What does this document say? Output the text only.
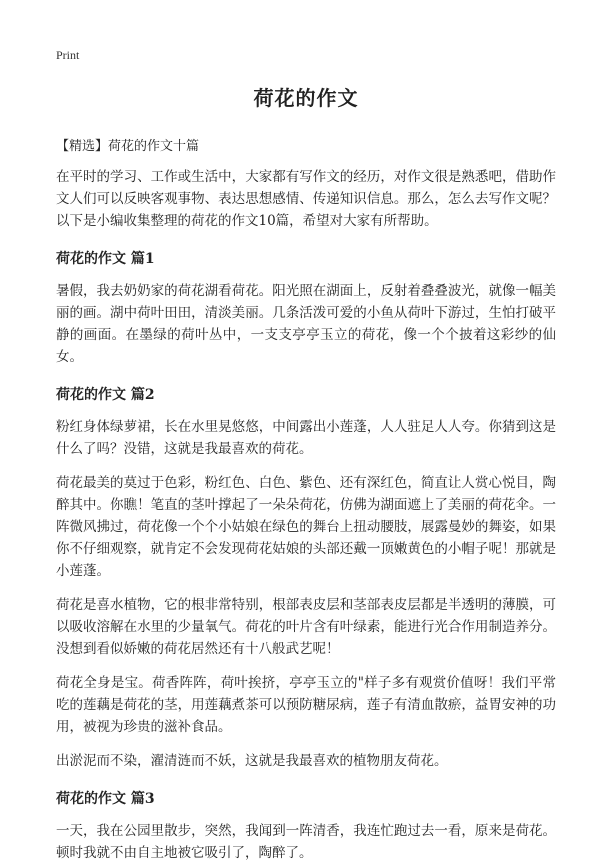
Print
荷花的作文
【精选】荷花的作文十篇

在平时的学习、工作或生活中，大家都有写作文的经历，对作文很是熟悉吧，借助作文人们可以反映客观事物、表达思想感情、传递知识信息。那么，怎么去写作文呢？以下是小编收集整理的荷花的作文10篇，希望对大家有所帮助。

荷花的作文 篇1

暑假，我去奶奶家的荷花湖看荷花。阳光照在湖面上，反射着叠叠波光，就像一幅美丽的画。湖中荷叶田田，清淡美丽。几条活泼可爱的小鱼从荷叶下游过，生怕打破平静的画面。在墨绿的荷叶丛中，一支支亭亭玉立的荷花，像一个个披着这彩纱的仙女。

荷花的作文 篇2

粉红身体绿萝裙，长在水里晃悠悠，中间露出小莲蓬，人人驻足人人夸。你猜到这是什么了吗？没错，这就是我最喜欢的荷花。

荷花最美的莫过于色彩，粉红色、白色、紫色、还有深红色，简直让人赏心悦目，陶醉其中。你瞧！笔直的茎叶撑起了一朵朵荷花，仿佛为湖面遮上了美丽的荷花伞。一阵微风拂过，荷花像一个个小姑娘在绿色的舞台上扭动腰肢，展露曼妙的舞姿，如果你不仔细观察，就肯定不会发现荷花姑娘的头部还戴一顶嫩黄色的小帽子呢！那就是小莲蓬。

荷花是喜水植物，它的根非常特别，根部表皮层和茎部表皮层都是半透明的薄膜，可以吸收溶解在水里的少量氧气。荷花的叶片含有叶绿素，能进行光合作用制造养分。没想到看似娇嫩的荷花居然还有十八般武艺呢！

荷花全身是宝。荷香阵阵，荷叶挨挤，亭亭玉立的"样子多有观赏价值呀！我们平常吃的莲藕是荷花的茎，用莲藕煮茶可以预防糖尿病，莲子有清血散瘀，益胃安神的功用，被视为珍贵的滋补食品。

出淤泥而不染，濯清涟而不妖，这就是我最喜欢的植物朋友荷花。

荷花的作文 篇3

一天，我在公园里散步，突然，我闻到一阵清香，我连忙跑过去一看，原来是荷花。顿时我就不由自主地被它吸引了，陶醉了。
